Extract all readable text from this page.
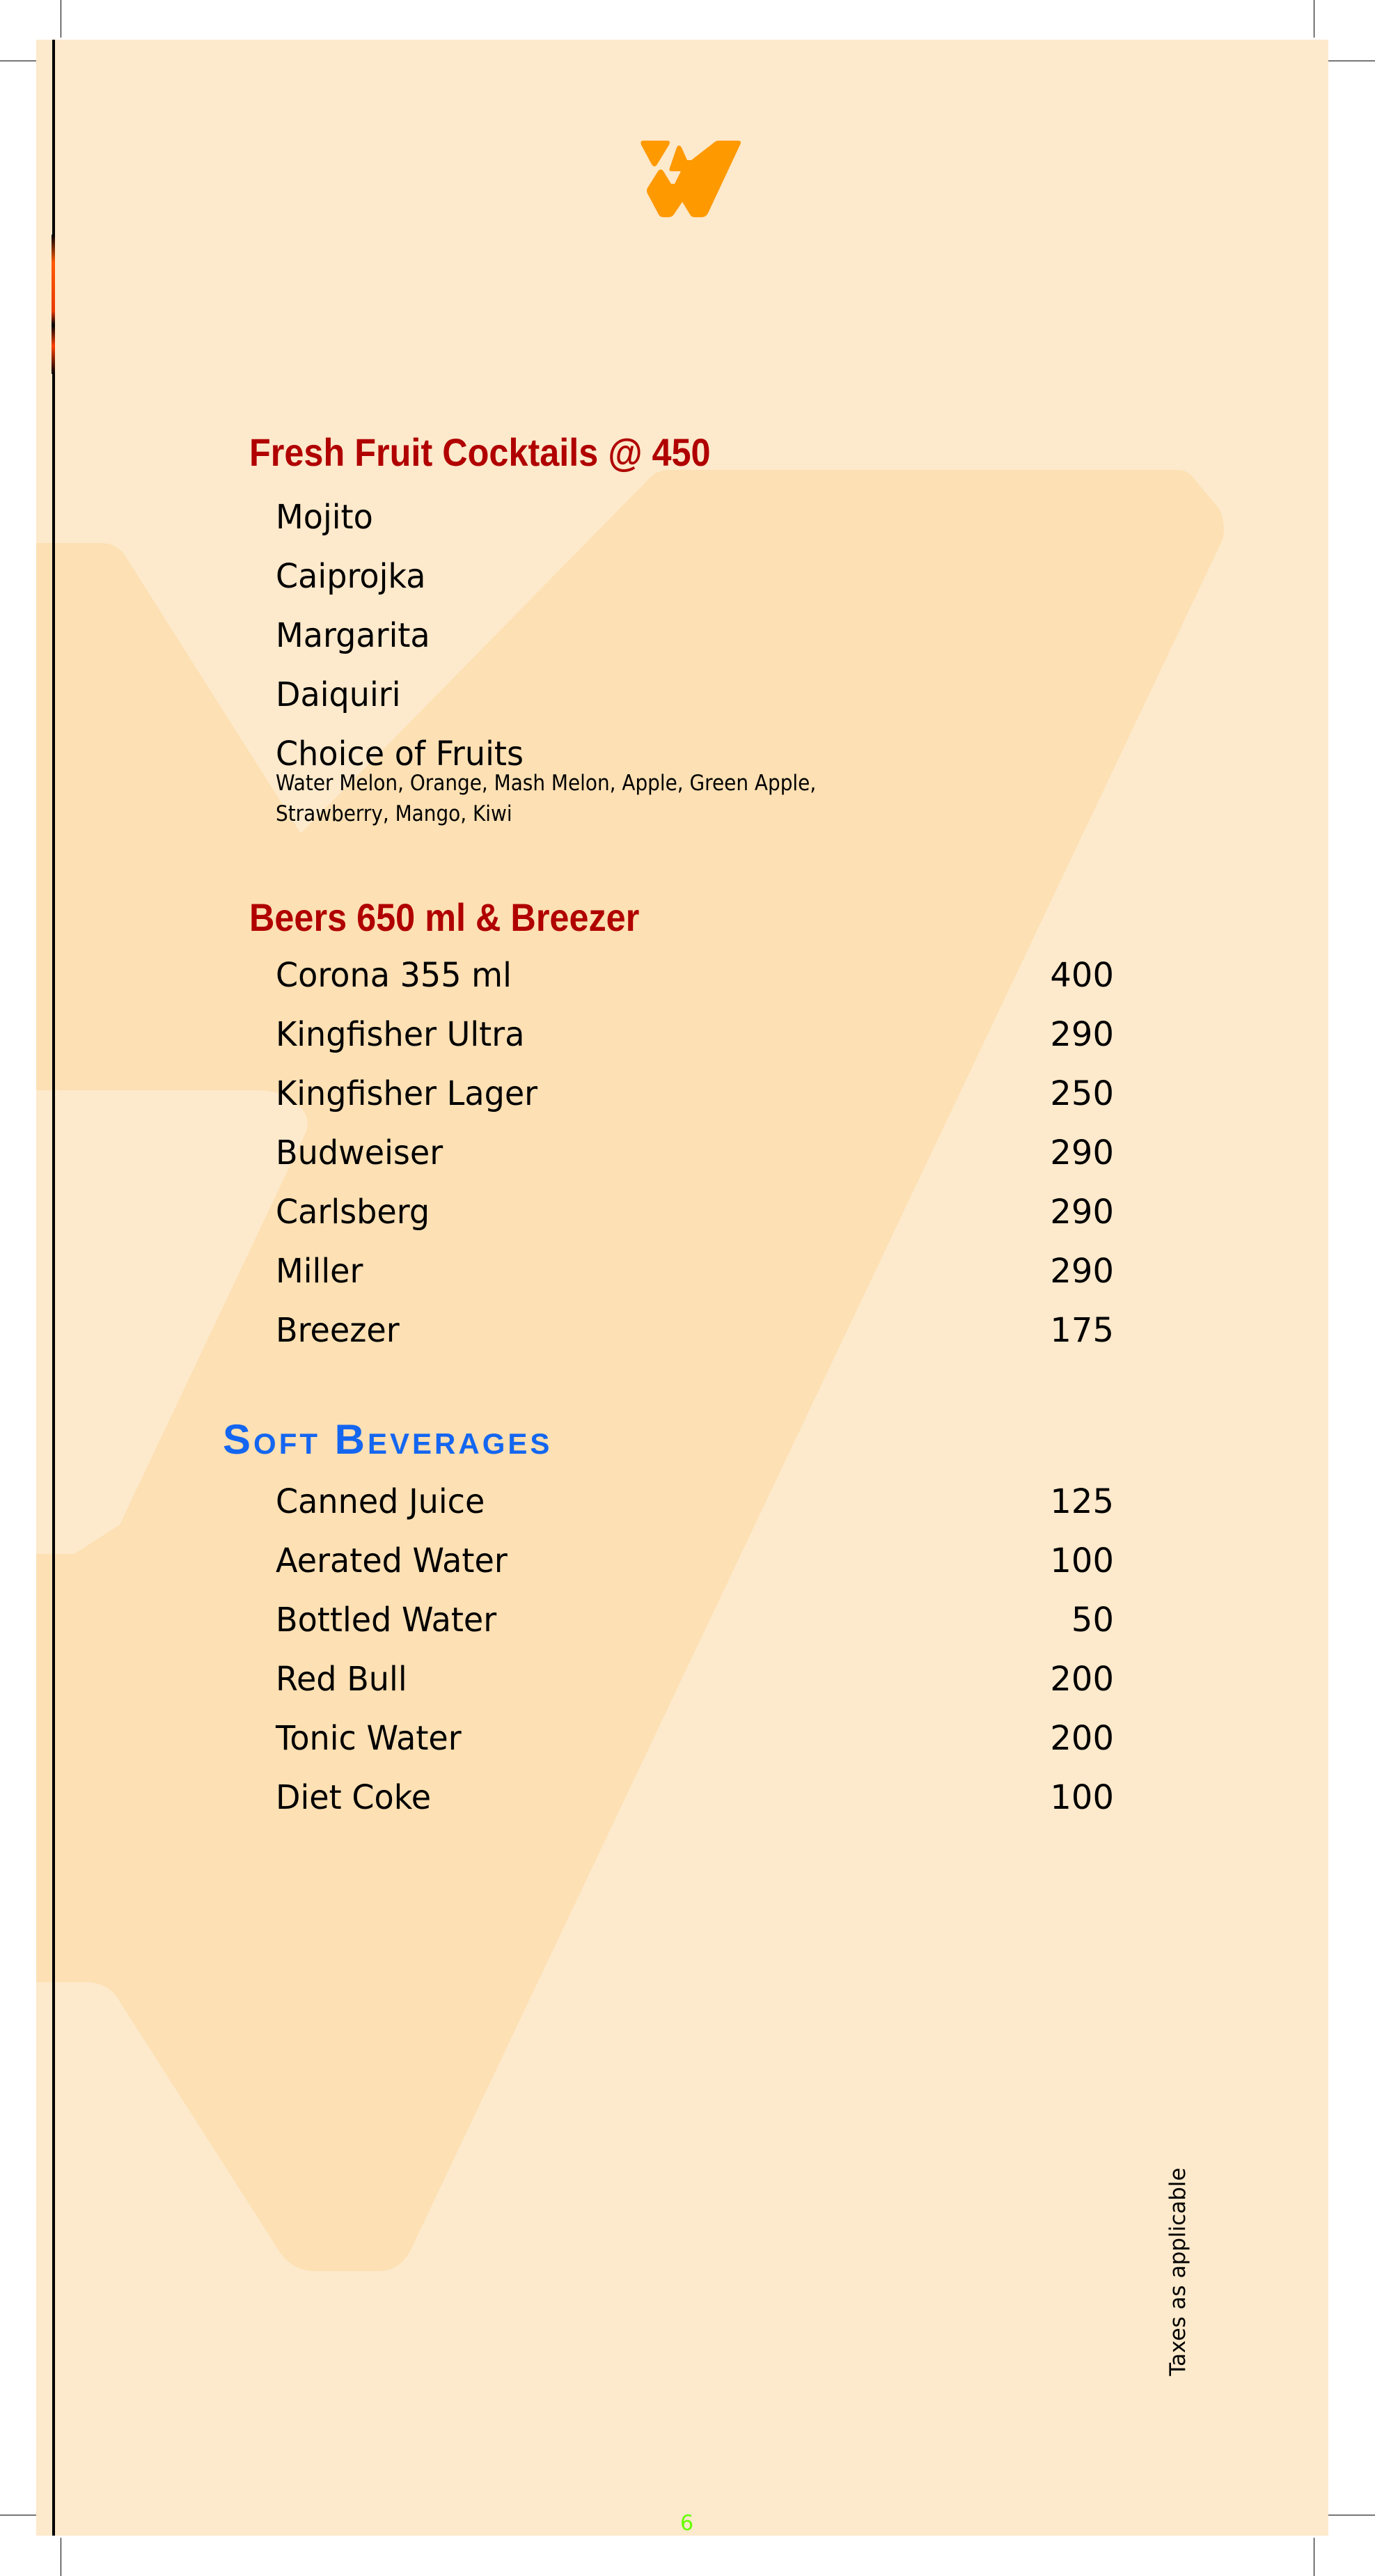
Fresh Fruit Cocktails @ 450
Mojito
Caiprojka
Margarita
Daiquiri
Choice of Fruits
Water Melon, Orange, Mash Melon, Apple, Green Apple,
Strawberry, Mango, Kiwi
Beers 650 ml & Breezer
Corona 355 ml	400
Kingfisher Ultra	290
Kingfisher Lager	250
Budweiser	290
Carlsberg	290
Miller	290
Breezer	175
Soft Beverages
Canned Juice	125
Aerated Water	100
Bottled Water	50
Red Bull	200
Tonic Water	200
Diet Coke	100
Taxes as applicable
6
